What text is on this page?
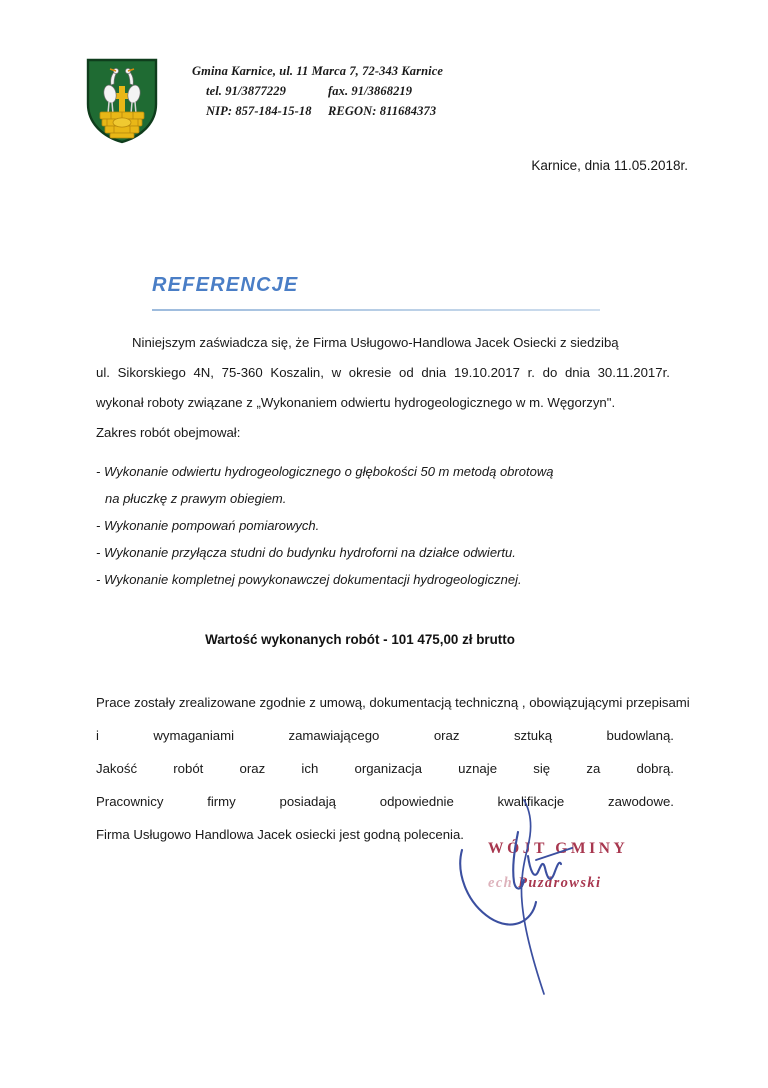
Gmina Karnice, ul. 11 Marca 7, 72-343 Karnice
tel. 91/3877229	fax. 91/3868219
NIP: 857-184-15-18	REGON: 811684373
Karnice, dnia 11.05.2018r.
REFERENCJE
Niniejszym zaświadcza się, że Firma Usługowo-Handlowa Jacek Osiecki z siedzibą
ul. Sikorskiego 4N, 75-360 Koszalin, w okresie od dnia 19.10.2017 r. do dnia 30.11.2017r.
wykonał roboty związane z „Wykonaniem odwiertu hydrogeologicznego w m. Węgorzyn".
Zakres robót obejmował:
- Wykonanie odwiertu hydrogeologicznego o głębokości 50 m metodą obrotową
na płuczkę z prawym obiegiem.
- Wykonanie pompowań pomiarowych.
- Wykonanie przyłącza studni do budynku hydroforni na działce odwiertu.
- Wykonanie kompletnej powykonawczej dokumentacji hydrogeologicznej.
Wartość wykonanych robót - 101 475,00 zł brutto
Prace zostały zrealizowane zgodnie z umową, dokumentacją techniczną , obowiązującymi przepisami
i	wymaganiami	zamawiającego	oraz	sztuką	budowlaną.
Jakość	robót	oraz	ich	organizacja	uznaje	się	za	dobrą.
Pracownicy	firmy	posiadają	odpowiednie	kwalifikacje	zawodowe.
Firma Usługowo Handlowa Jacek osiecki jest godną polecenia.
WÓJT GMINY
ech Puzdrowski
